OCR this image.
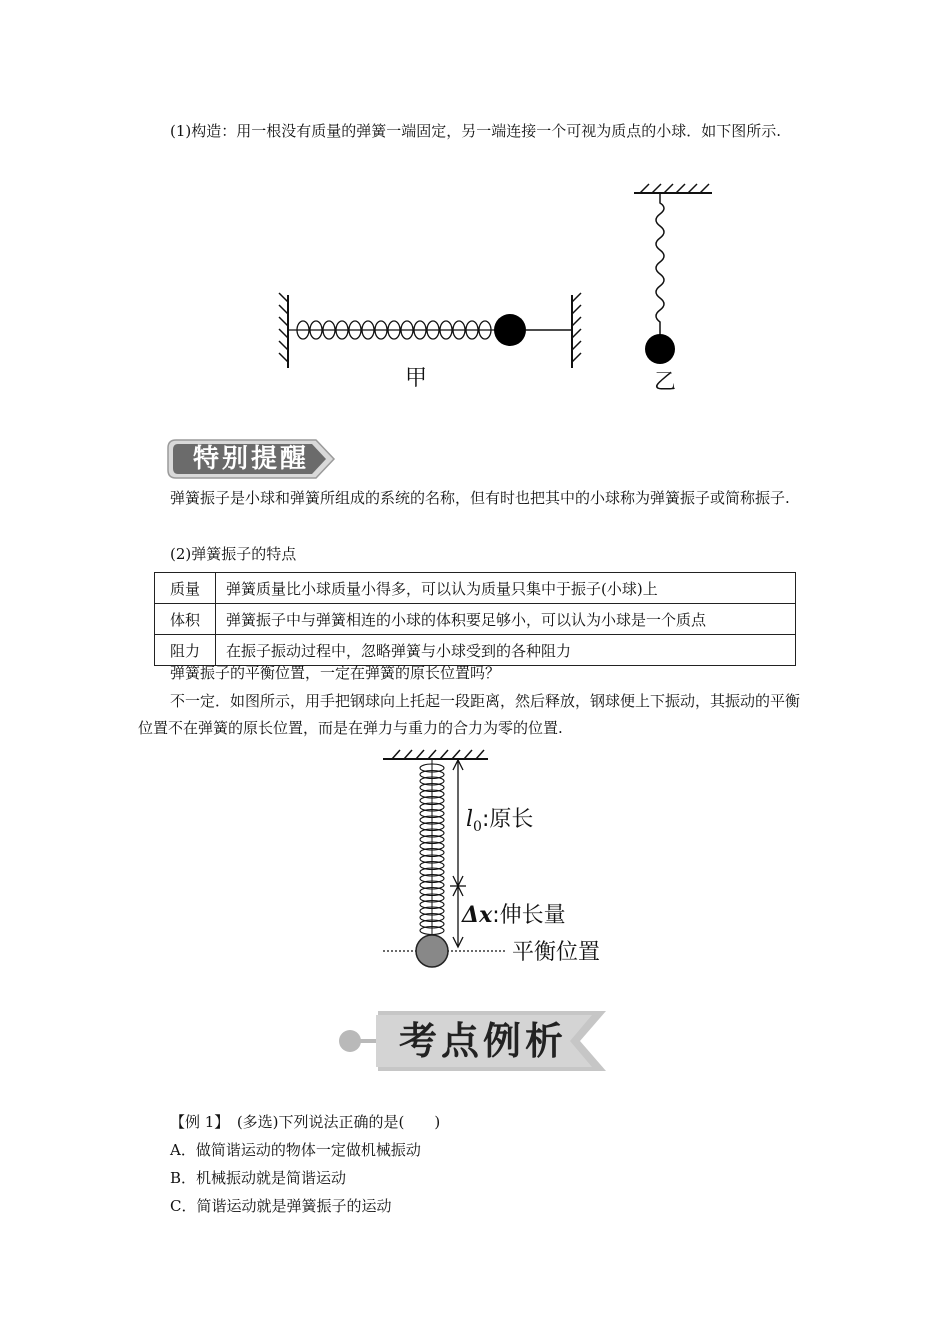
(1)构造：用一根没有质量的弹簧一端固定，另一端连接一个可视为质点的小球．如下图所示.

甲	乙
特别提醒

弹簧振子是小球和弹簧所组成的系统的名称，但有时也把其中的小球称为弹簧振子或简称振子.

(2)弹簧振子的特点

质量	弹簧质量比小球质量小得多，可以认为质量只集中于振子(小球)上
体积	弹簧振子中与弹簧相连的小球的体积要足够小，可以认为小球是一个质点
阻力	在振子振动过程中，忽略弹簧与小球受到的各种阻力

弹簧振子的平衡位置，一定在弹簧的原长位置吗？

不一定．如图所示，用手把钢球向上托起一段距离，然后释放，钢球便上下振动，其振动的平衡位置不在弹簧的原长位置，而是在弹力与重力的合力为零的位置.

$l_0$:原长
Δx:伸长量
平衡位置
考点例析

【例 1】　 (多选)下列说法正确的是(　　)

A．做简谐运动的物体一定做机械振动

B．机械振动就是简谐运动

C．简谐运动就是弹簧振子的运动
